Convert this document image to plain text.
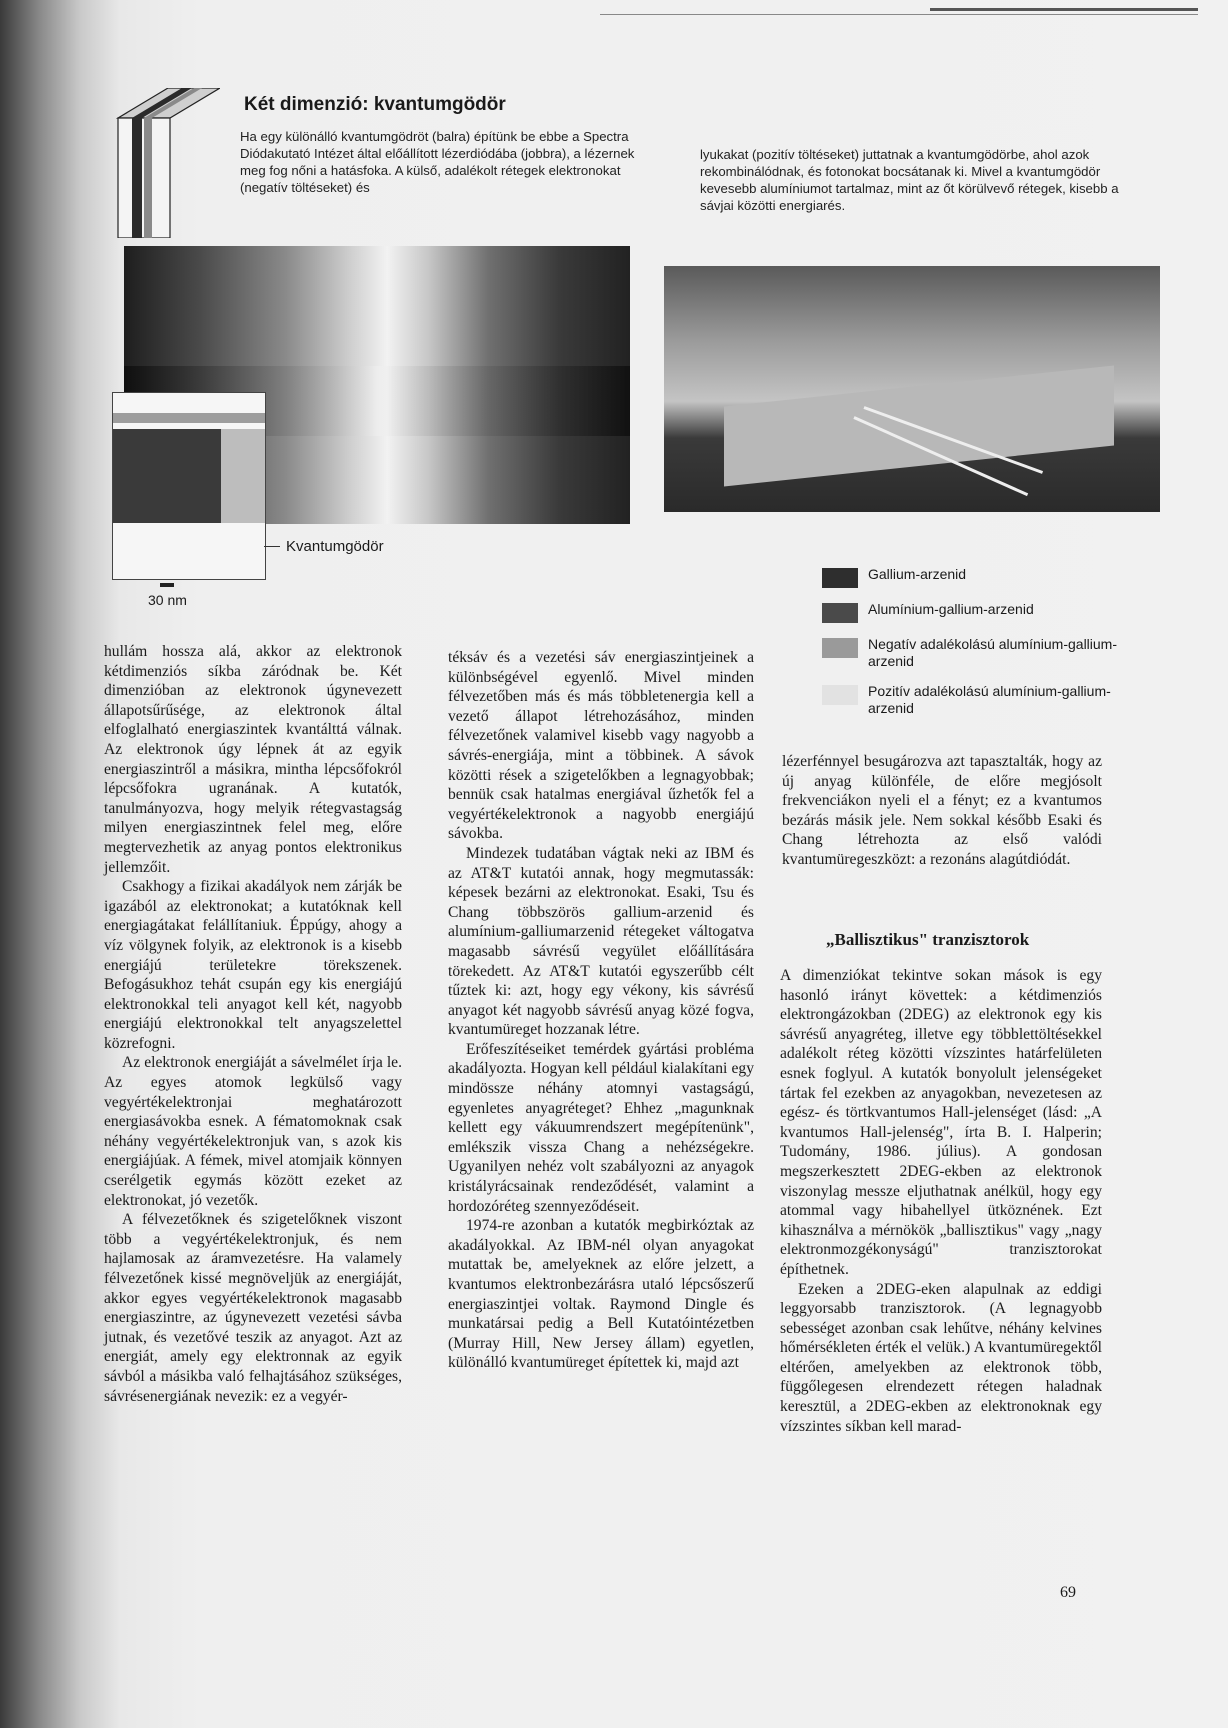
Két dimenzió: kvantumgödör
Ha egy különálló kvantumgödröt (balra) építünk be ebbe a Spectra Diódakutató Intézet által előállított lézerdiódába (jobbra), a lézernek meg fog nőni a hatásfoka. A külső, adalékolt rétegek elektronokat (negatív töltéseket) és
lyukakat (pozitív töltéseket) juttatnak a kvantumgödörbe, ahol azok rekombinálódnak, és fotonokat bocsátanak ki. Mivel a kvantumgödör kevesebb alumíniumot tartalmaz, mint az őt körülvevő rétegek, kisebb a sávjai közötti energiarés.
Kvantumgödör
30 nm
Gallium-arzenid
Alumínium-gallium-arzenid
Negatív adalékolású alumínium-gallium-arzenid
Pozitív adalékolású alumínium-gallium-arzenid

hullám hossza alá, akkor az elektronok kétdimenziós síkba záródnak be. Két dimenzióban az elektronok úgynevezett állapotsűrűsége, az elektronok által elfoglalható energiaszintek kvantálttá válnak. Az elektronok úgy lépnek át az egyik energiaszintről a másikra, mintha lépcsőfokról lépcsőfokra ugranának. A kutatók, tanulmányozva, hogy melyik rétegvastagság milyen energiaszintnek felel meg, előre megtervezhetik az anyag pontos elektronikus jellemzőit.

Csakhogy a fizikai akadályok nem zárják be igazából az elektronokat; a kutatóknak kell energiagátakat felállítaniuk. Éppúgy, ahogy a víz völgynek folyik, az elektronok is a kisebb energiájú területekre törekszenek. Befogásukhoz tehát csupán egy kis energiájú elektronokkal teli anyagot kell két, nagyobb energiájú elektronokkal telt anyagszelettel közrefogni.

Az elektronok energiáját a sávelmélet írja le. Az egyes atomok legkülső vagy vegyértékelektronjai meghatározott energiasávokba esnek. A fématomoknak csak néhány vegyértékelektronjuk van, s azok kis energiájúak. A fémek, mivel atomjaik könnyen cserélgetik egymás között ezeket az elektronokat, jó vezetők.

A félvezetőknek és szigetelőknek viszont több a vegyértékelektronjuk, és nem hajlamosak az áramvezetésre. Ha valamely félvezetőnek kissé megnöveljük az energiáját, akkor egyes vegyértékelektronok magasabb energiaszintre, az úgynevezett vezetési sávba jutnak, és vezetővé teszik az anyagot. Azt az energiát, amely egy elektronnak az egyik sávból a másikba való felhajtásához szükséges, sávrésenergiának nevezik: ez a vegyér-

téksáv és a vezetési sáv energiaszintjeinek a különbségével egyenlő. Mivel minden félvezetőben más és más többletenergia kell a vezető állapot létrehozásához, minden félvezetőnek valamivel kisebb vagy nagyobb a sávrés-energiája, mint a többinek. A sávok közötti rések a szigetelőkben a legnagyobbak; bennük csak hatalmas energiával űzhetők fel a vegyértékelektronok a nagyobb energiájú sávokba.

Mindezek tudatában vágtak neki az IBM és az AT&T kutatói annak, hogy megmutassák: képesek bezárni az elektronokat. Esaki, Tsu és Chang többszörös gallium-arzenid és alumínium-galliumarzenid rétegeket váltogatva magasabb sávrésű vegyület előállítására törekedett. Az AT&T kutatói egyszerűbb célt tűztek ki: azt, hogy egy vékony, kis sávrésű anyagot két nagyobb sávrésű anyag közé fogva, kvantumüreget hozzanak létre.

Erőfeszítéseiket temérdek gyártási probléma akadályozta. Hogyan kell például kialakítani egy mindössze néhány atomnyi vastagságú, egyenletes anyagréteget? Ehhez „magunknak kellett egy vákuumrendszert megépítenünk", emlékszik vissza Chang a nehézségekre. Ugyanilyen nehéz volt szabályozni az anyagok kristályrácsainak rendeződését, valamint a hordozóréteg szennyeződéseit.

1974-re azonban a kutatók megbirkóztak az akadályokkal. Az IBM-nél olyan anyagokat mutattak be, amelyeknek az előre jelzett, a kvantumos elektronbezárásra utaló lépcsőszerű energiaszintjei voltak. Raymond Dingle és munkatársai pedig a Bell Kutatóintézetben (Murray Hill, New Jersey állam) egyetlen, különálló kvantumüreget építettek ki, majd azt

lézerfénnyel besugározva azt tapasztalták, hogy az új anyag különféle, de előre megjósolt frekvenciákon nyeli el a fényt; ez a kvantumos bezárás másik jele. Nem sokkal később Esaki és Chang létrehozta az első valódi kvantumüregeszközt: a rezonáns alagútdiódát.

„Ballisztikus" tranzisztorok

A dimenziókat tekintve sokan mások is egy hasonló irányt követtek: a kétdimenziós elektrongázokban (2DEG) az elektronok egy kis sávrésű anyagréteg, illetve egy többlettöltésekkel adalékolt réteg közötti vízszintes határfelületen esnek foglyul. A kutatók bonyolult jelenségeket tártak fel ezekben az anyagokban, nevezetesen az egész- és törtkvantumos Hall-jelenséget (lásd: „A kvantumos Hall-jelenség", írta B. I. Halperin; Tudomány, 1986. július). A gondosan megszerkesztett 2DEG-ekben az elektronok viszonylag messze eljuthatnak anélkül, hogy egy atommal vagy hibahellyel ütköznének. Ezt kihasználva a mérnökök „ballisztikus" vagy „nagy elektronmozgékonyságú" tranzisztorokat építhetnek.

Ezeken a 2DEG-eken alapulnak az eddigi leggyorsabb tranzisztorok. (A legnagyobb sebességet azonban csak lehűtve, néhány kelvines hőmérsékleten érték el velük.) A kvantumüregektől eltérően, amelyekben az elektronok több, függőlegesen elrendezett rétegen haladnak keresztül, a 2DEG-ekben az elektronoknak egy vízszintes síkban kell marad-

69
